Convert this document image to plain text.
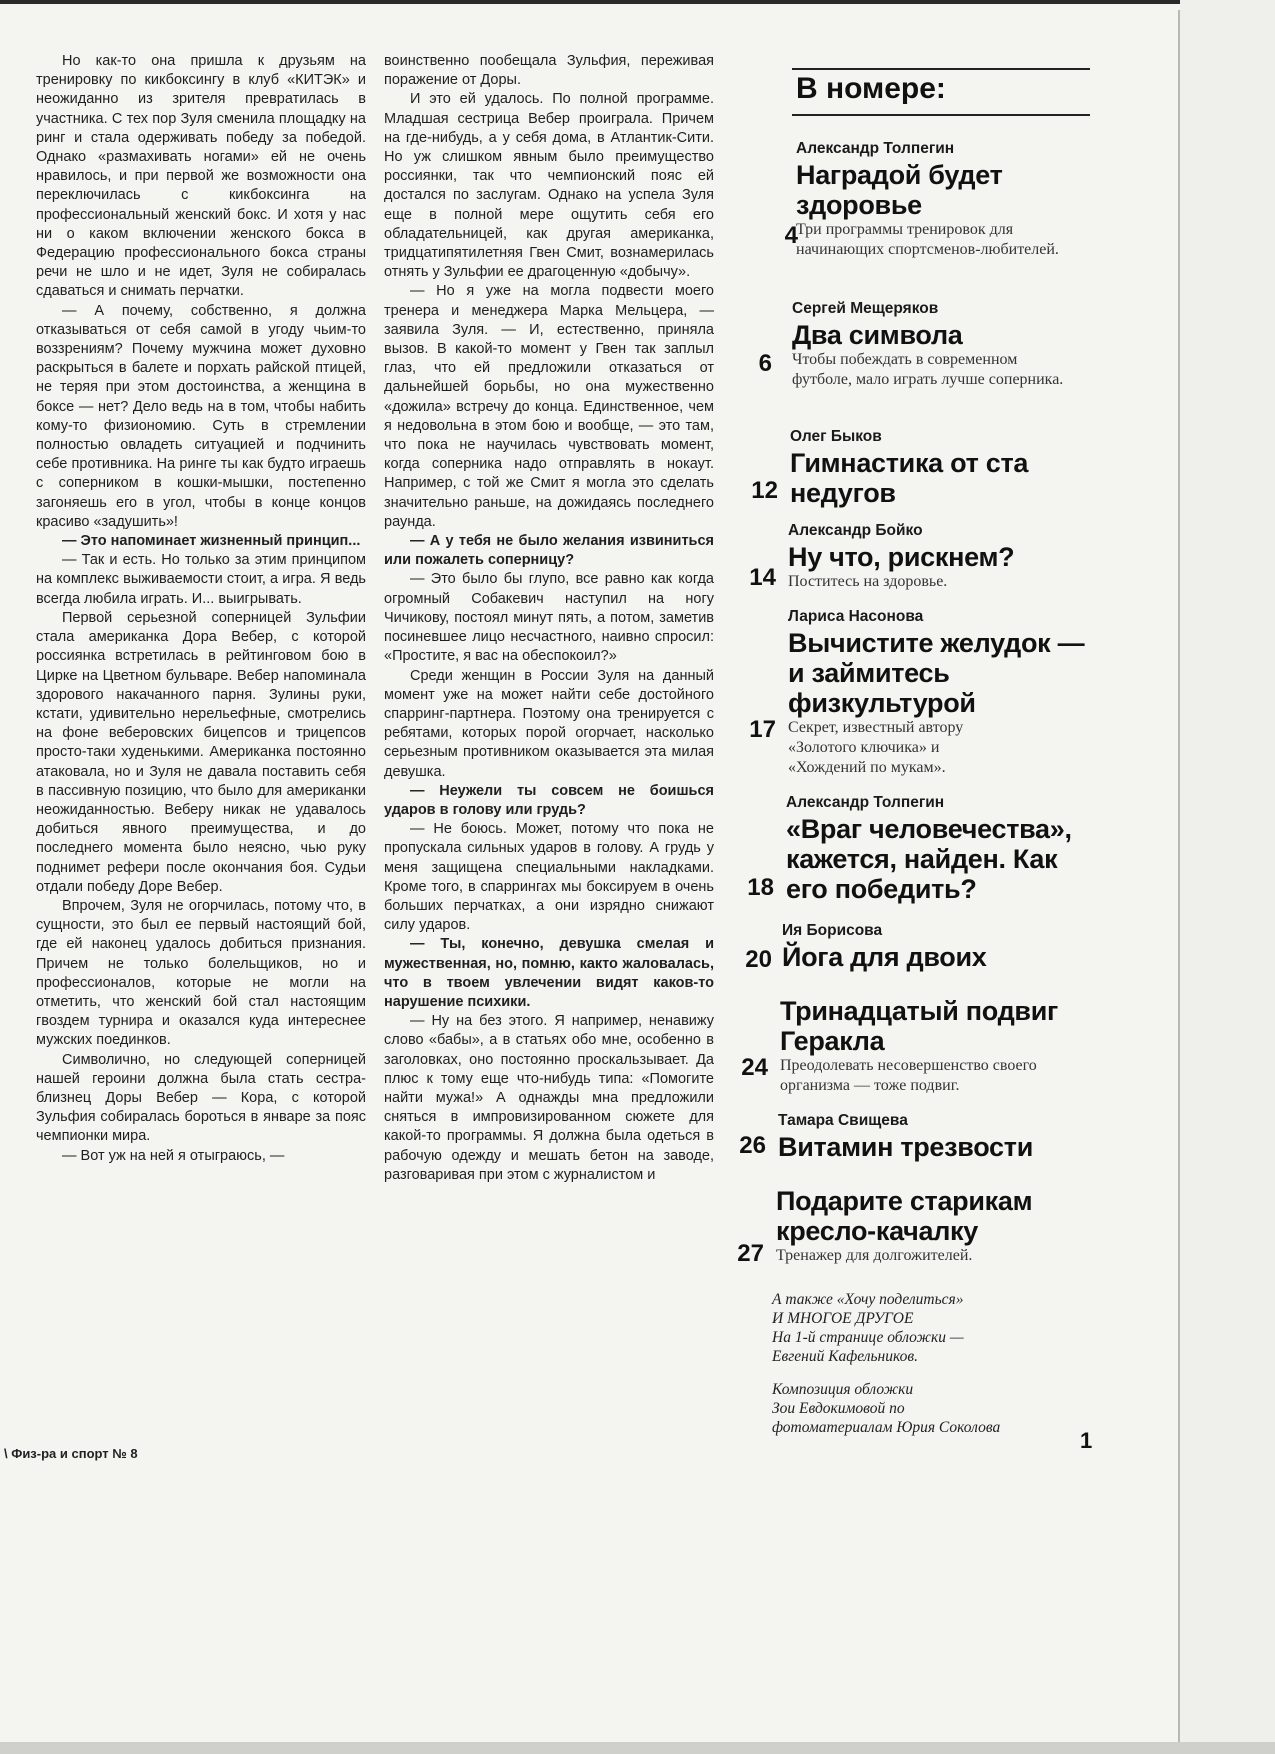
Но как-то она пришла к друзьям на тренировку по кикбоксингу в клуб «КИТЭК» и неожиданно из зрителя превратилась в участника. С тех пор Зуля сменила площадку на ринг и стала одерживать победу за победой. Однако «размахивать ногами» ей не очень нравилось, и при первой же возможности она переключилась с кикбоксинга на профессиональный женский бокс. И хотя у нас ни о каком включении женского бокса в Федерацию профессионального бокса страны речи не шло и не идет, Зуля не собиралась сдаваться и снимать перчатки.

— А почему, собственно, я должна отказываться от себя самой в угоду чьим-то воззрениям? Почему мужчина может духовно раскрыться в балете и порхать райской птицей, не теряя при этом достоинства, а женщина в боксе — нет? Дело ведь на в том, чтобы набить кому-то физиономию. Суть в стремлении полностью овладеть ситуацией и подчинить себе противника. На ринге ты как будто играешь с соперником в кошки-мышки, постепенно загоняешь его в угол, чтобы в конце концов красиво «задушить»!

— Это напоминает жизненный принцип...

— Так и есть. Но только за этим принципом на комплекс выживаемости стоит, а игра. Я ведь всегда любила играть. И... выигрывать.

Первой серьезной соперницей Зульфии стала американка Дора Вебер, с которой россиянка встретилась в рейтинговом бою в Цирке на Цветном бульваре. Вебер напоминала здорового накачанного парня. Зулины руки, кстати, удивительно нерельефные, смотрелись на фоне веберовских бицепсов и трицепсов просто-таки худенькими. Американка постоянно атаковала, но и Зуля не давала поставить себя в пассивную позицию, что было для американки неожиданностью. Веберу никак не удавалось добиться явного преимущества, и до последнего момента было неясно, чью руку поднимет рефери после окончания боя. Судьи отдали победу Доре Вебер.

Впрочем, Зуля не огорчилась, потому что, в сущности, это был ее первый настоящий бой, где ей наконец удалось добиться признания. Причем не только болельщиков, но и профессионалов, которые не могли на отметить, что женский бой стал настоящим гвоздем турнира и оказался куда интереснее мужских поединков.

Символично, но следующей соперницей нашей героини должна была стать сестра-близнец Доры Вебер — Кора, с которой Зульфия собиралась бороться в январе за пояс чемпионки мира.

— Вот уж на ней я отыграюсь, —

воинственно пообещала Зульфия, переживая поражение от Доры.

И это ей удалось. По полной программе. Младшая сестрица Вебер проиграла. Причем на где-нибудь, а у себя дома, в Атлантик-Сити. Но уж слишком явным было преимущество россиянки, так что чемпионский пояс ей достался по заслугам. Однако на успела Зуля еще в полной мере ощутить себя его обладательницей, как другая американка, тридцатипятилетняя Гвен Смит, вознамерилась отнять у Зульфии ее драгоценную «добычу».

— Но я уже на могла подвести моего тренера и менеджера Марка Мельцера, — заявила Зуля. — И, естественно, приняла вызов. В какой-то момент у Гвен так заплыл глаз, что ей предложили отказаться от дальнейшей борьбы, но она мужественно «дожила» встречу до конца. Единственное, чем я недовольна в этом бою и вообще, — это там, что пока не научилась чувствовать момент, когда соперника надо отправлять в нокаут. Например, с той же Смит я могла это сделать значительно раньше, на дожидаясь последнего раунда.

— А у тебя не было желания извиниться или пожалеть соперницу?

— Это было бы глупо, все равно как когда огромный Собакевич наступил на ногу Чичикову, постоял минут пять, а потом, заметив посиневшее лицо несчастного, наивно спросил: «Простите, я вас на обеспокоил?»

Среди женщин в России Зуля на данный момент уже на может найти себе достойного спарринг-партнера. Поэтому она тренируется с ребятами, которых порой огорчает, насколько серьезным противником оказывается эта милая девушка.

— Неужели ты совсем не боишься ударов в голову или грудь?

— Не боюсь. Может, потому что пока не пропускала сильных ударов в голову. А грудь у меня защищена специальными накладками. Кроме того, в спаррингах мы боксируем в очень больших перчатках, а они изрядно снижают силу ударов.

— Ты, конечно, девушка смелая и мужественная, но, помню, както жаловалась, что в твоем увлечении видят каков-то нарушение психики.

— Ну на без этого. Я например, ненавижу слово «бабы», а в статьях обо мне, особенно в заголовках, оно постоянно проскальзывает. Да плюс к тому еще что-нибудь типа: «Помогите найти мужа!» А однажды мна предложили сняться в импровизированном сюжете для какой-то программы. Я должна была одеться в рабочую одежду и мешать бетон на заводе, разговаривая при этом с журналистом и

В номере:
Александр Толпегин
Наградой будет здоровье
Три программы тренировок для начинающих спортсменов-любителей.
4
Сергей Мещеряков
Два символа
Чтобы побеждать в современном футболе, мало играть лучше соперника.
6
Олег Быков
Гимнастика от ста недугов
12
Александр Бойко
Ну что, рискнем?
Поститесь на здоровье.
14
Лариса Насонова
Вычистите желудок — и займитесь физкультурой
Секрет, известный автору «Золотого ключика» и «Хождений по мукам».
17
Александр Толпегин
«Враг человечества», кажется, найден. Как его победить?
18
Ия Борисова
Йога для двоих
20
Тринадцатый подвиг Геракла
Преодолевать несовершенство своего организма — тоже подвиг.
24
Тамара Свищева
Витамин трезвости
26
Подарите старикам кресло-качалку
Тренажер для долгожителей.
27
А также «Хочу поделиться»
И МНОГОЕ ДРУГОЕ
На 1-й странице обложки —
Евгений Кафельников.
Композиция обложки
Зои Евдокимовой по фотоматериалам Юрия Соколова
\ Физ-ра и спорт № 8
1
